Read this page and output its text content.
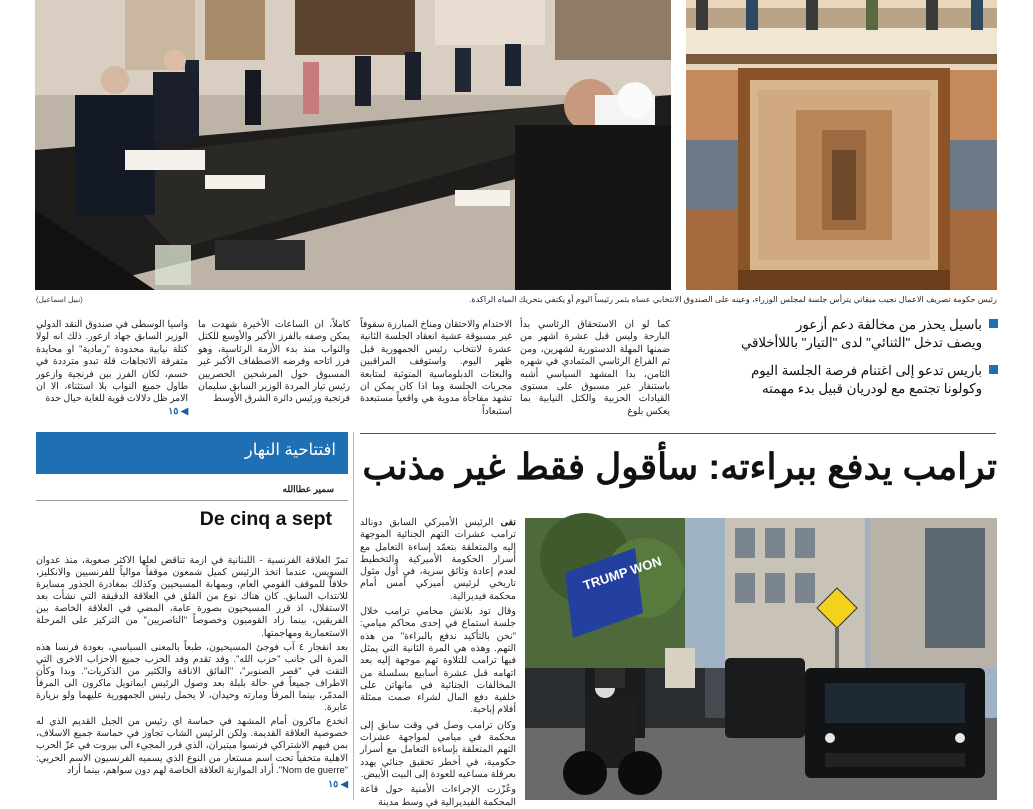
(نبيل اسماعيل)	رئيس حكومة تصريف الاعمال نجيب ميقاتي يترأس جلسة لمجلس الوزراء، وعينه على الصندوق الانتخابي عساه يثمر رئيساً اليوم أو يكتفي بتحريك المياه الراكدة.

كما لو ان الاستحقاق الرئاسي بدأ البارحة وليس قبل عشرة اشهر من ضمنها المهلة الدستورية لشهرين، ومن ثم الفراغ الرئاسي المتمادي في شهره الثامن، بدا المشهد السياسي أشبه باستنفار غير مسبوق على مستوى القيادات الحزبية والكتل النيابية بما يعكس بلوغ

الاحتدام والاحتقان ومناخ المبارزة سقوفاً غير مسبوقة عشية انعقاد الجلسة الثانية عشرة لانتخاب رئيس الجمهورية قبل ظهر اليوم. واستوقف المراقبين والبعثات الدبلوماسية المتوثبة لمتابعة مجريات الجلسة وما اذا كان يمكن ان تشهد مفاجأة مدوية هي واقعياً مستبعدة استبعاداً

كاملاً، ان الساعات الأخيرة شهدت ما يمكن وصفه بالفرز الأكبر والأوسع للكتل والنواب منذ بدء الأزمة الرئاسية، وهو فرز اتاحه وفرضه الاصطفاف الأكبر غير المسبوق حول المرشحين الحصريين رئيس تيار المردة الوزير السابق سليمان فرنجية ورئيس دائرة الشرق الأوسط

واسيا الوسطى في صندوق النقد الدولي الوزير السابق جهاد ازعور. ذلك انه لولا كتلة نيابية محدودة "رمادية" او محايدة متفرقة الاتجاهات قلة تبدو مترددة في حسم، لكان الفرز بين فرنجية وازعور طاول جميع النواب بلا استثناء، الا ان الامر ظل دلالات قوية للغاية حيال حدة

◀ ١٥
باسيل يحذر من مخالفة دعم أزعور
ويصف تدخل "الثنائي" لدى "التيار" باللاأخلاقي
باريس تدعو إلى اغتنام فرصة الجلسة اليوم
وكولونا تجتمع مع لودريان قبيل بدء مهمته
افتتاحية النهار
سمير عطاالله
De cinq a sept

تمرّ العلاقة الفرنسية - اللبنانية في ازمة تناقض لعلها الاكثر صعوبة، منذ عدوان السويس، عندما اتخذ الرئيس كميل شمعون موقفاً موالياً للفرنسيين والانكليز، خلافاً للموقف القومي العام، وبمهابة المسيحيين وكذلك بمغادرة الجذور مسايرة للانتداب السابق. كان هناك نوع من القلق في العلاقة الدقيقة التي نشأت بعد الاستقلال، اذ قرر المسيحيون بصورة عامة، المضي في العلاقة الخاصة بين الفريقين، بينما زاد القوميون وخصوصاً "الناصريين" من التركيز على المرحلة الاستعمارية ومهاجمتها.

بعد انفجار ٤ آب فوجئ المسيحيون، طبعاً بالمعنى السياسي، بعودة فرنسا هذه المرة الى جانب "حزب الله". وقد تقدم وفد الحزب جميع الاحزاب الاخرى التي التقت في "قصر الصنوبر"، "الفائق الاناقة والكثير من الذكريات". وبدا وكأن الاطراف جميعاً في حالة بلبلة بعد وصول الرئيس ايمانويل ماكرون الى المرفأ المدمّر، بينما المرفأ ومارته وحيدان، لا يحمل رئيس الجمهورية عليهما ولو بزيارة عابرة.

انخدع ماكرون أمام المشهد في حماسة اي رئيس من الجيل القديم الذي له خصوصية العلاقة القديمة. ولكن الرئيس الشاب تجاوز في حماسة جميع الاسلاف، بمن فيهم الاشتراكي فرنسوا ميتيران، الذي قرر المجيء الى بيروت في عزّ الحرب الاهلية متخفياً تحت اسم مستعار من النوع الذي يسميه الفرنسيون الاسم الحربي: "Nom de guerre". أراد الموازنة العلاقة الخاصة لهم دون سواهم، بينما أراد

◀ ١٥
ترامب يدفع ببراءته: سأقول فقط غير مذنب

نفى الرئيس الأميركي السابق دونالد ترامب عشرات التهم الجنائية الموجهة إليه والمتعلقة بتعمّد إساءة التعامل مع أسرار الحكومة الأميركية والتخطيط لعدم إعادة وثائق سرية، في أول مثول تاريخي لرئيس أميركي أمس أمام محكمة فيديرالية.

وقال تود بلانش محامي ترامب خلال جلسة استماع في إحدى محاكم ميامي: "نحن بالتأكيد ندفع بالبراءة" من هذه التهم. وهذه هي المرة الثانية التي يمثل فيها ترامب للتلاوة تهم موجهة إليه بعد اتهامه قبل عشرة أسابيع بسلسلة من المخالفات الجنائية في مانهاتن على خلفية دفع المال لشراء صمت ممثلة أفلام إباحية.

وكان ترامب وصل في وقت سابق إلى محكمة في ميامي لمواجهة عشرات التهم المتعلقة بإساءة التعامل مع أسرار حكومية، في أخطر تحقيق جنائي يهدد بعرقلة مساعيه للعودة إلى البيت الأبيض.

وعُزّزت الإجراءات الأمنية حول قاعة المحكمة الفيديرالية في وسط مدينة

TRUMP WON
